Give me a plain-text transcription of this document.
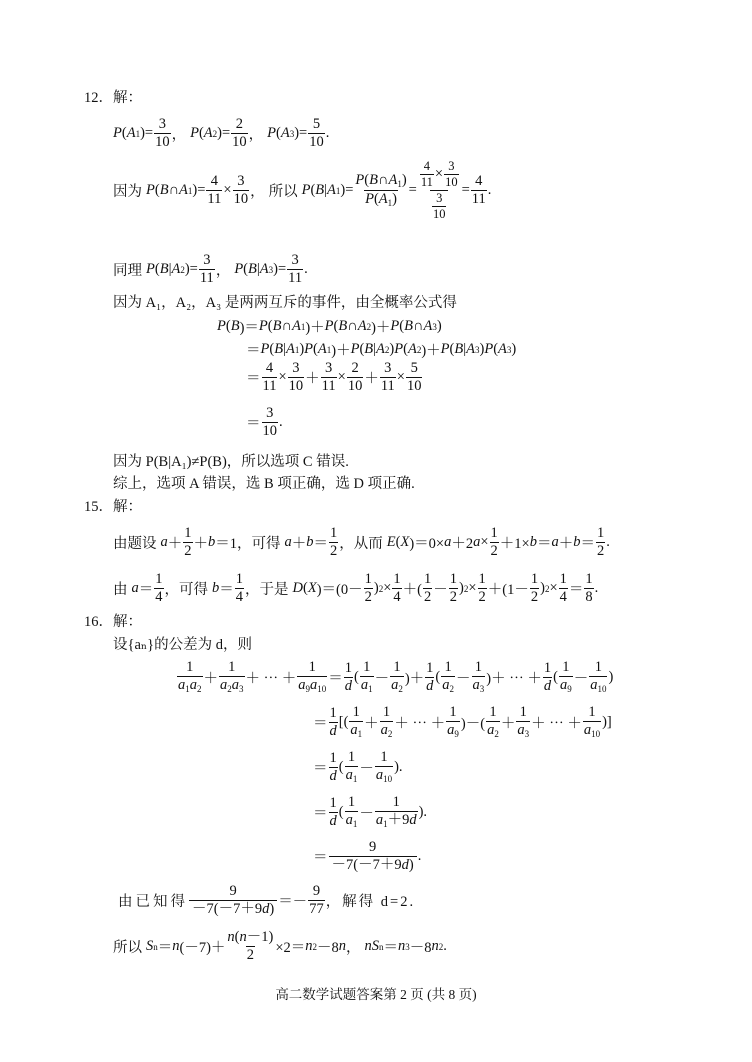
12．解：
P ( A 1 )= $\frac{3}{10}$ ， P ( A 2 )= $\frac{2}{10}$ ， P ( A 3 )= $\frac{5}{10}$ .
因为 P ( B ∩ A 1 )= $\frac{4}{11} \times \frac{3}{10}$ ， 所以 P ( B | A 1 )= $\frac{P(B\cap A_1)}{P(A_1)} = \frac{\frac{4}{11} \times \frac{3}{10}}{\frac{3}{10}} = \frac{4}{11}$ .
同理 P ( B | A 2 )= $\frac{3}{11}$ ， P ( B | A 3 )= $\frac{3}{11}$ .
因为 A₁，A₂，A₃ 是两两互斥的事件，由全概率公式得
P ( B )＝ P ( B ∩ A 1 )＋ P ( B ∩ A 2 )＋ P ( B ∩ A 3 )
＝ P ( B | A 1 ) P ( A 1 )＋ P ( B | A 2 ) P ( A 2 )＋ P ( B | A 3 ) P ( A 3 )
＝ $\frac{4}{11} \times \frac{3}{10} + \frac{3}{11} \times \frac{2}{10} + \frac{3}{11} \times \frac{5}{10}$
＝ $\frac{3}{10}$ .
因为 P(B|A₁)≠P(B)，所以选项 C 错误.
综上，选项 A 错误，选 B 项正确，选 D 项正确.
15．解：
由题设 $a + \frac{1}{2} + b =1$ ，可得 $a + b = \frac{1}{2}$ ，从而 E ( X )＝0× a ＋2 $a \times \frac{1}{2} +1\times b = a + b = \frac{1}{2}$ .
由 $a = \frac{1}{4}$ ，可得 $b = \frac{1}{4}$ ，于是 D ( X )$=(0- \frac{1}{2}$ ) $2 \times \frac{1}{4}$ ＋( $\frac{1}{2} - \frac{1}{2}$ ) $2 \times \frac{1}{2} +(1- \frac{1}{2}$ ) $2 \times \frac{1}{4} = \frac{1}{8}$ .
16．解：
设{aₙ}的公差为 d，则
$\frac{1}{a_1a_2} + \frac{1}{a_2a_3}$ ＋ ⋯ ＋ $\frac{1}{a_9a_{10}} = \frac{1}{d}$ ( $\frac{1}{a_1} - \frac{1}{a_2}$ )＋ $\frac{1}{d}$ ( $\frac{1}{a_2} - \frac{1}{a_3}$ )＋ ⋯ ＋ $\frac{1}{d}$ ( $\frac{1}{a_9} - \frac{1}{a_{10}}$ )
＝ $\frac{1}{d}$ [( $\frac{1}{a_1} + \frac{1}{a_2}$ ＋ ⋯ ＋ $\frac{1}{a_9}$ )－( $\frac{1}{a_2} + \frac{1}{a_3}$ ＋ ⋯ ＋ $\frac{1}{a_{10}}$ )]
＝ $\frac{1}{d}$ ( $\frac{1}{a_1} - \frac{1}{a_{10}}$ ).
＝ $\frac{1}{d}$ ( $\frac{1}{a_1} - \frac{1}{a_1+9d}$ ).
＝ $\frac{9}{-7(-7+9d)}$ .
由已知得 $\frac{9}{-7(-7+9d)} =- \frac{9}{77}$ ，解得 d=2.
所以 S n ＝ n $(-7)+ \frac{n(n-1)}{2} \times 2= n$ 2 －8 n ， nS n ＝ n 3 －8 n 2 .
高二数学试题答案第 2 页 (共 8 页)
